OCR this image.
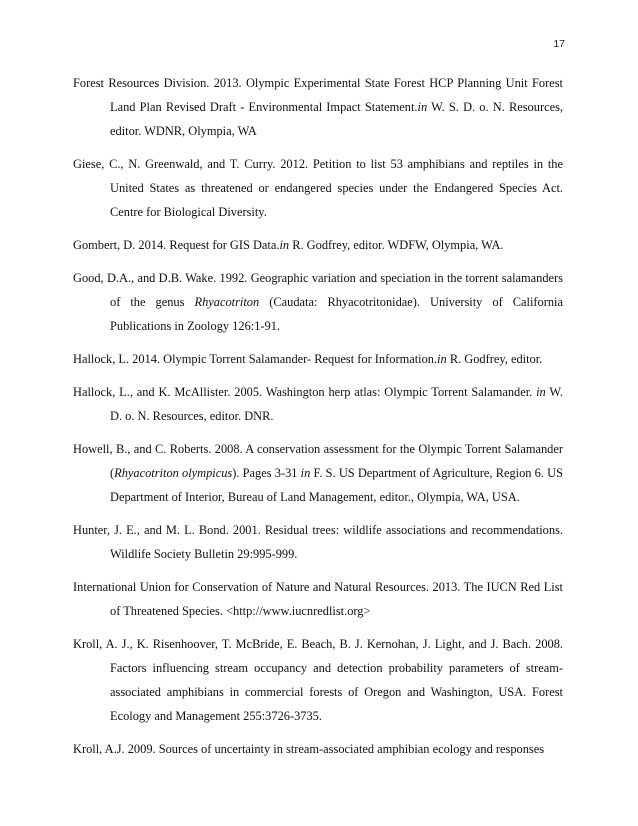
17
Forest Resources Division. 2013. Olympic Experimental State Forest HCP Planning Unit Forest Land Plan Revised Draft - Environmental Impact Statement.in W. S. D. o. N. Resources, editor. WDNR, Olympia, WA
Giese, C., N. Greenwald, and T. Curry. 2012. Petition to list 53 amphibians and reptiles in the United States as threatened or endangered species under the Endangered Species Act. Centre for Biological Diversity.
Gombert, D. 2014. Request for GIS Data.in R. Godfrey, editor. WDFW, Olympia, WA.
Good, D.A., and D.B. Wake. 1992. Geographic variation and speciation in the torrent salamanders of the genus Rhyacotriton (Caudata: Rhyacotritonidae). University of California Publications in Zoology 126:1-91.
Hallock, L. 2014. Olympic Torrent Salamander- Request for Information.in R. Godfrey, editor.
Hallock, L., and K. McAllister. 2005. Washington herp atlas: Olympic Torrent Salamander. in W. D. o. N. Resources, editor. DNR.
Howell, B., and C. Roberts. 2008. A conservation assessment for the Olympic Torrent Salamander (Rhyacotriton olympicus). Pages 3-31 in F. S. US Department of Agriculture, Region 6. US Department of Interior, Bureau of Land Management, editor., Olympia, WA, USA.
Hunter, J. E., and M. L. Bond. 2001. Residual trees: wildlife associations and recommendations. Wildlife Society Bulletin 29:995-999.
International Union for Conservation of Nature and Natural Resources. 2013. The IUCN Red List of Threatened Species. <http://www.iucnredlist.org>
Kroll, A. J., K. Risenhoover, T. McBride, E. Beach, B. J. Kernohan, J. Light, and J. Bach. 2008. Factors influencing stream occupancy and detection probability parameters of stream-associated amphibians in commercial forests of Oregon and Washington, USA. Forest Ecology and Management 255:3726-3735.
Kroll, A.J. 2009. Sources of uncertainty in stream-associated amphibian ecology and responses
